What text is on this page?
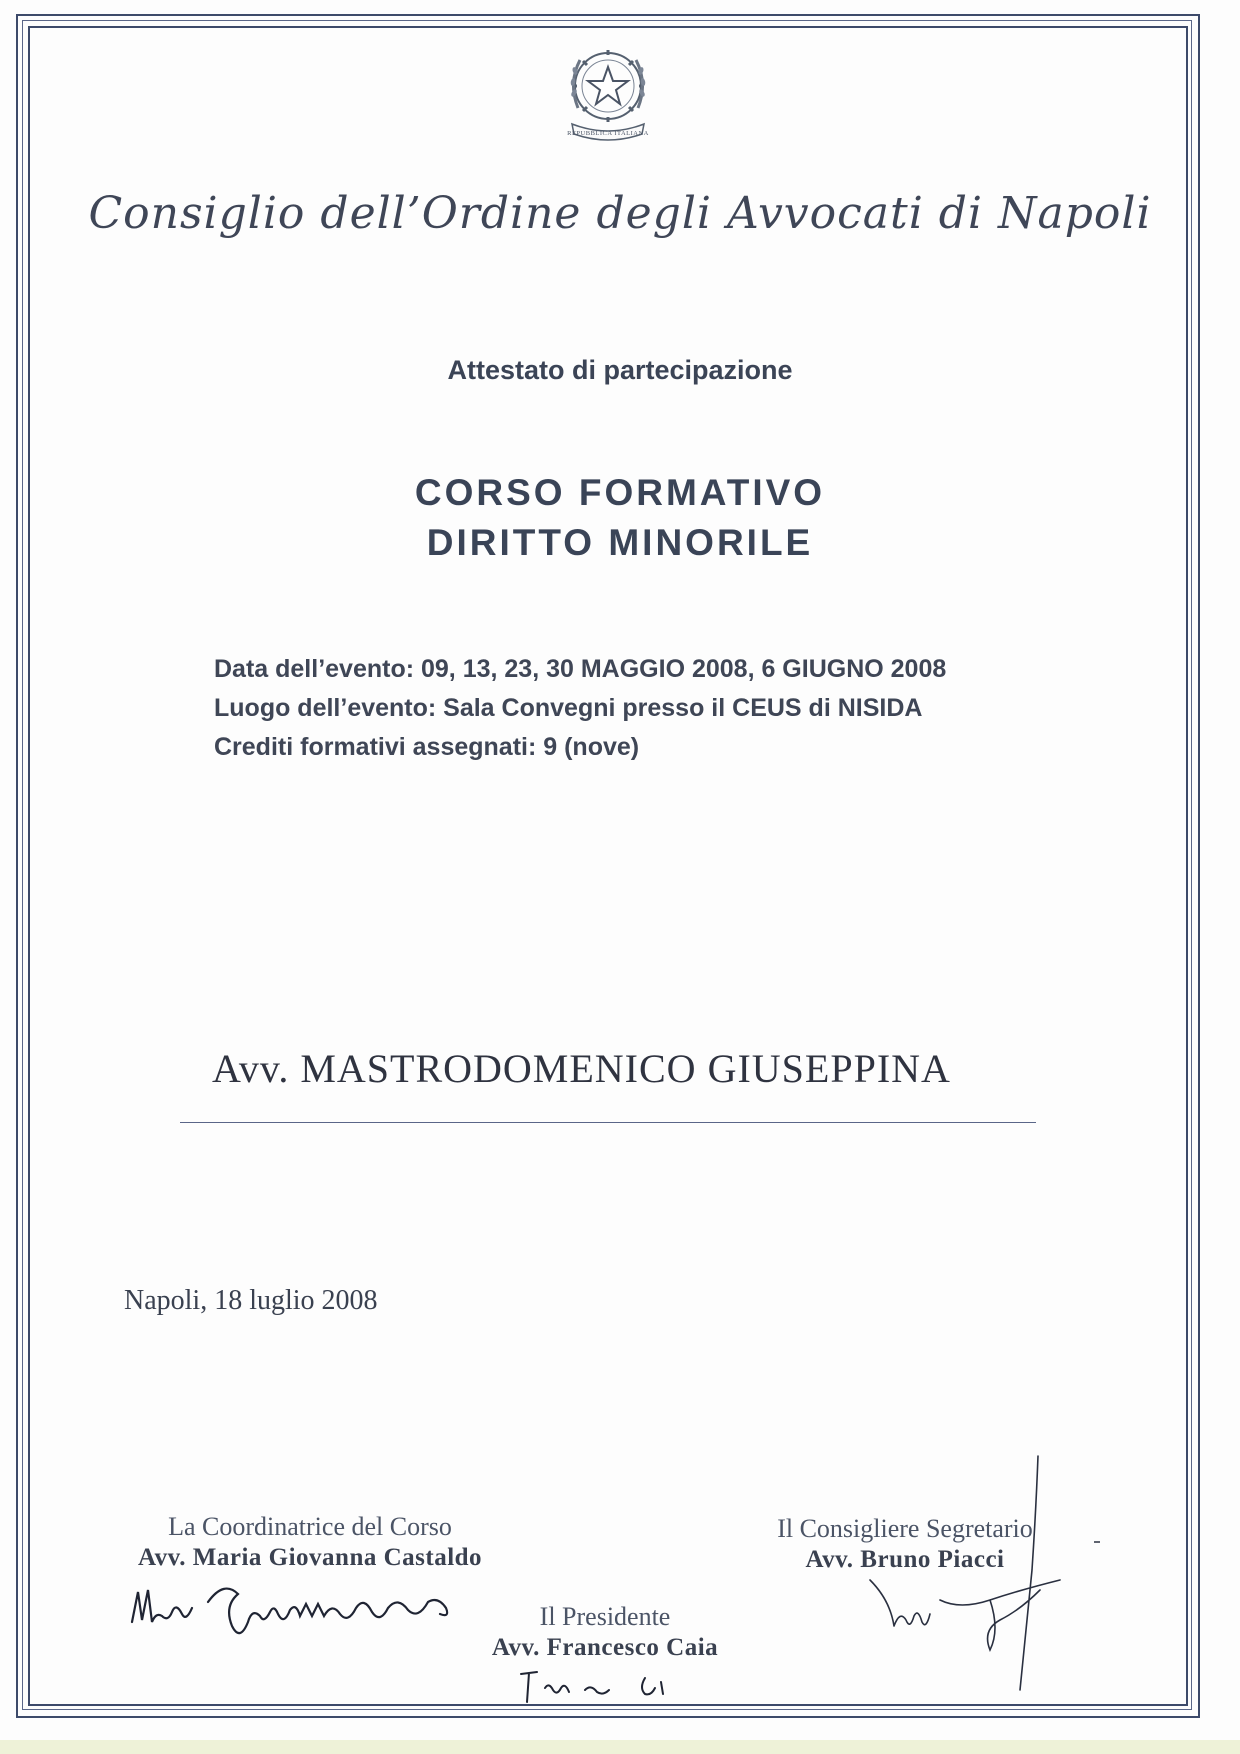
REPUBBLICA ITALIANA
Consiglio dell’Ordine degli Avvocati di Napoli
Attestato di partecipazione
CORSO FORMATIVO
DIRITTO MINORILE
Data dell’evento: 09, 13, 23, 30 MAGGIO 2008, 6 GIUGNO 2008
Luogo dell’evento: Sala Convegni presso il CEUS di NISIDA
Crediti formativi assegnati: 9 (nove)
Avv. MASTRODOMENICO GIUSEPPINA
Napoli, 18 luglio 2008
La Coordinatrice del Corso
Avv. Maria Giovanna Castaldo
Il Presidente
Avv. Francesco Caia
Il Consigliere Segretario
Avv. Bruno Piacci
